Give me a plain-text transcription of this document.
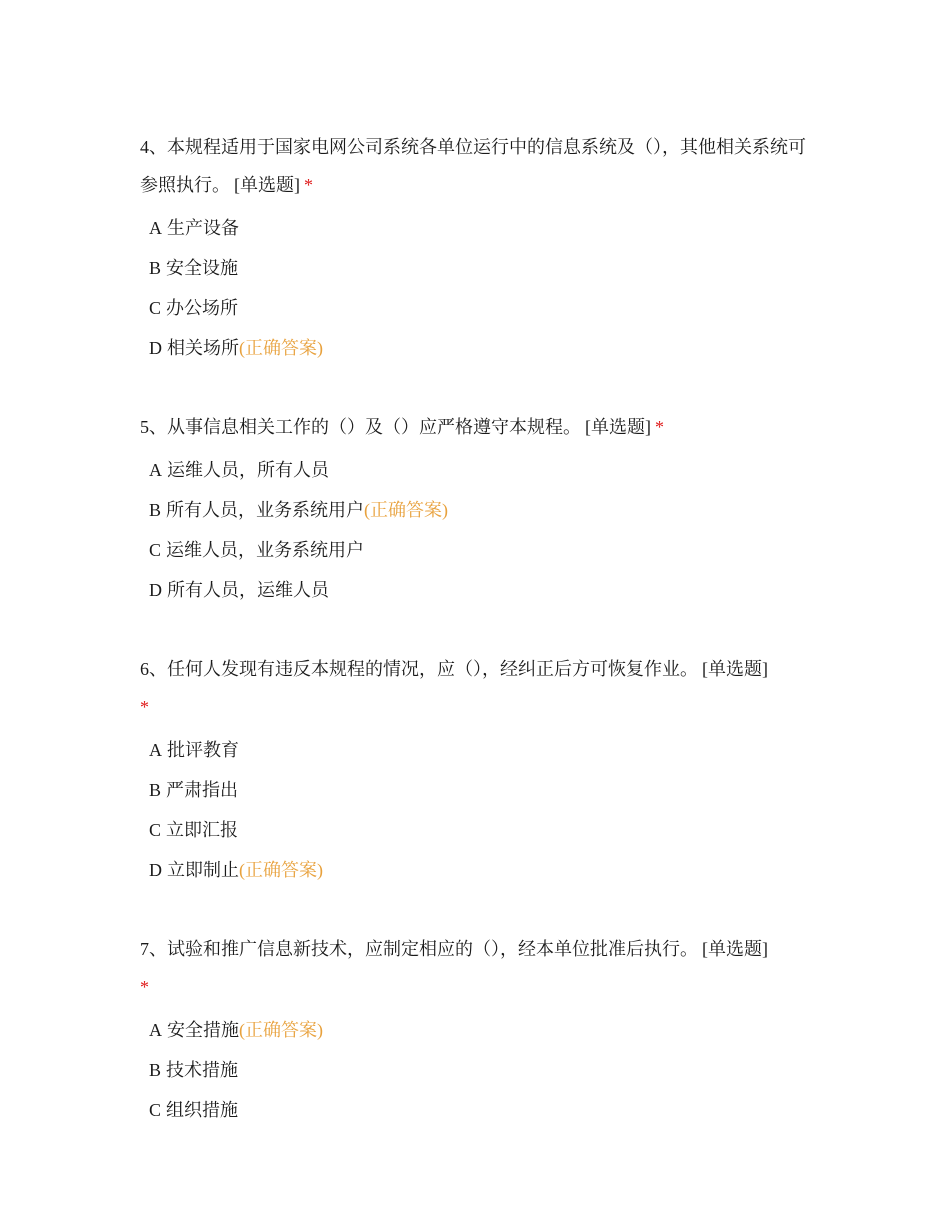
4、本规程适用于国家电网公司系统各单位运行中的信息系统及（），其他相关系统可参照执行。 [单选题] *
A 生产设备
B 安全设施
C 办公场所
D 相关场所(正确答案)
5、从事信息相关工作的（）及（）应严格遵守本规程。 [单选题] *
A 运维人员，所有人员
B 所有人员，业务系统用户(正确答案)
C 运维人员，业务系统用户
D 所有人员，运维人员
6、任何人发现有违反本规程的情况，应（），经纠正后方可恢复作业。 [单选题]
*
A 批评教育
B 严肃指出
C 立即汇报
D 立即制止(正确答案)
7、试验和推广信息新技术，应制定相应的（），经本单位批准后执行。 [单选题]
*
A 安全措施(正确答案)
B 技术措施
C 组织措施
